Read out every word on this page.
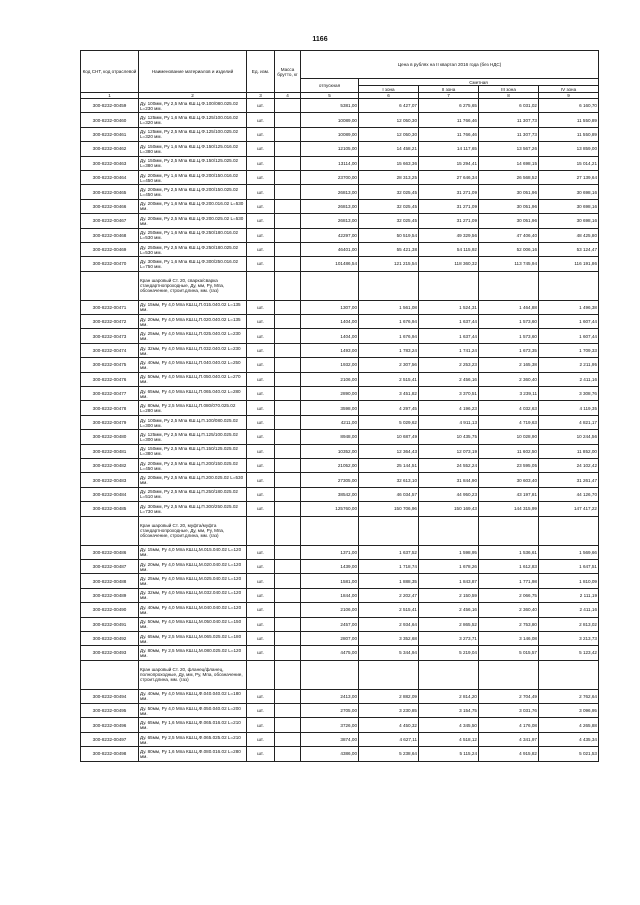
1166
Код СНТ, код отраслевой	Наименование материалов и изделий	Ед. изм.	Масса брутто, кг	Цена в рублях на II квартал 2016 года (без НДС)				
				отпускная	Сметная			
					I зона	II зона	III зона	IV зона
1	2	3	4	5	6	7	8	9
300-8232-00459	Ду. 100мм, Ру 2,5 Мпа КШ.Ц.Ф.100/080.025.02 L=230 мм.	шт.		5381,00	6 427,07	6 275,65	6 031,02	6 160,70
300-8232-00460	Ду. 125мм, Ру 1,6 Мпа КШ.Ц.Ф.125/100.016.02 L=320 мм.	шт.		10089,00	12 050,30	11 766,46	11 307,73	11 550,89
300-8232-00461	Ду. 125мм, Ру 2,5 Мпа КШ.Ц.Ф.125/100.025.02 L=320 мм.	шт.		10089,00	12 050,30	11 766,46	11 307,73	11 550,89
300-8232-00462	Ду. 150мм, Ру 1,6 Мпа КШ.Ц.Ф.150/125.016.02 L=380 мм.	шт.		12105,00	14 458,21	14 117,65	13 567,26	13 859,00
300-8232-00463	Ду. 150мм, Ру 2,5 Мпа КШ.Ц.Ф.150/125.025.02 L=380 мм.	шт.		13114,00	15 663,36	15 294,41	14 698,15	15 014,21
300-8232-00464	Ду. 200мм, Ру 1,6 Мпа КШ.Ц.Ф.200/150.016.02 L=450 мм.	шт.		23700,00	28 313,25	27 646,34	26 568,52	27 139,64
300-8232-00465	Ду. 200мм, Ру 2,5 Мпа КШ.Ц.Ф.200/150.025.02 L=450 мм.	шт.		26813,00	32 025,45	31 271,09	30 051,96	30 698,16
300-8232-00466	Ду. 200мм, Ру 1,6 Мпа КШ.Ц.Ф.200.016.02 L=530 мм.	шт.		26813,00	32 025,45	31 271,09	30 051,96	30 698,16
300-8232-00467	Ду. 200мм, Ру 2,5 Мпа КШ.Ц.Ф.200.025.02 L=530 мм.	шт.		26813,00	32 025,45	31 271,09	30 051,96	30 698,16
300-8232-00468	Ду. 250мм, Ру 1,6 Мпа КШ.Ц.Ф.250/180.016.02 L=530 мм.	шт.		42297,00	50 519,54	49 329,56	47 406,40	48 425,80
300-8232-00469	Ду. 250мм, Ру 2,5 Мпа КШ.Ц.Ф.250/180.025.02 L=530 мм.	шт.		46401,00	55 421,38	54 115,92	52 006,16	53 124,47
300-8232-00470	Ду. 300мм, Ру 1,6 Мпа КШ.Ц.Ф.300/250.016.02 L=750 мм.	шт.		101486,54	121 215,54	118 360,32	113 745,94	116 191,86
	Кран шаровый Ст. 20, сварка/сварка стандартнопроходные, Ду, мм, Ру, Мпа, обозначение, строит.длина, мм. (газ)							
300-8232-00471	Ду. 15мм, Ру 4,0 Мпа КШ.Ц.П.015.040.02 L=135 мм.	шт.		1307,00	1 561,08	1 524,31	1 464,88	1 496,38
300-8232-00472	Ду. 20мм, Ру 4,0 Мпа КШ.Ц.П.020.040.02 L=135 мм.	шт.		1404,00	1 676,94	1 637,44	1 573,60	1 607,44
300-8232-00473	Ду. 25мм, Ру 4,0 Мпа КШ.Ц.П.025.040.02 L=230 мм.	шт.		1404,00	1 676,94	1 637,44	1 573,60	1 607,44
300-8232-00474	Ду. 32мм, Ру 4,0 Мпа КШ.Ц.П.032.040.02 L=230 мм.	шт.		1493,00	1 783,24	1 741,24	1 673,35	1 709,33
300-8232-00475	Ду. 40мм, Ру 4,0 Мпа КШ.Ц.П.040.040.02 L=250 мм.	шт.		1932,00	2 307,56	2 253,23	2 165,38	2 211,95
300-8232-00476	Ду. 50мм, Ру 4,0 Мпа КШ.Ц.П.050.040.02 L=270 мм.	шт.		2106,00	2 515,41	2 456,16	2 360,40	2 411,16
300-8232-00477	Ду. 65мм, Ру 4,0 Мпа КШ.Ц.П.065.040.02 L=280 мм.	шт.		2890,00	3 451,82	3 370,51	3 239,11	3 308,76
300-8232-00478	Ду. 80мм, Ру 2,5 Мпа КШ.Ц.П.080/070.025.02 L=280 мм.	шт.		3598,00	4 297,45	4 196,23	4 032,63	4 119,35
300-8232-00479	Ду. 100мм, Ру 2,5 Мпа КШ.Ц.П.100/080.025.02 L=300 мм.	шт.		4211,00	5 029,62	4 911,13	4 719,63	4 821,17
300-8232-00480	Ду. 125мм, Ру 2,5 Мпа КШ.Ц.П.125/100.025.02 L=300 мм.	шт.		8948,00	10 687,49	10 435,75	10 028,90	10 244,56
300-8232-00481	Ду. 150мм, Ру 2,5 Мпа КШ.Ц.П.150/125.025.02 L=380 мм.	шт.		10352,00	12 364,43	12 073,19	11 602,50	11 852,00
300-8232-00482	Ду. 200мм, Ру 2,5 Мпа КШ.Ц.П.200/150.025.02 L=450 мм.	шт.		21052,00	25 144,51	24 552,24	23 595,05	24 102,42
300-8232-00483	Ду. 200мм, Ру 2,5 Мпа КШ.Ц.П.200.025.02 L=530 мм.	шт.		27305,00	32 613,10	31 844,90	30 603,40	31 261,47
300-8232-00484	Ду. 250мм, Ру 2,5 Мпа КШ.Ц.П.250/180.025.02 L=510 мм.	шт.		38542,00	46 034,57	44 950,23	43 197,81	44 126,70
300-8232-00485	Ду. 300мм, Ру 2,5 Мпа КШ.Ц.П.300/250.025.02 L=730 мм.	шт.		125760,00	150 706,96	150 169,43	144 315,99	147 417,22
	Кран шаровый Ст. 20, муфта/муфта стандартнопроходные, Ду, мм, Ру, Мпа, обозначение, строит.длина, мм. (газ)							
300-8232-00486	Ду. 15мм, Ру 4,0 Мпа КШ.Ц.М.015.040.02 L=120 мм.	шт.		1371,00	1 637,52	1 598,95	1 536,61	1 569,66
300-8232-00487	Ду. 20мм, Ру 4,0 Мпа КШ.Ц.М.020.040.02 L=120 мм.	шт.		1439,00	1 718,74	1 678,26	1 612,83	1 647,51
300-8232-00488	Ду. 25мм, Ру 4,0 Мпа КШ.Ц.М.025.040.02 L=120 мм.	шт.		1581,00	1 888,35	1 843,87	1 771,98	1 810,09
300-8232-00489	Ду. 32мм, Ру 4,0 Мпа КШ.Ц.М.032.040.02 L=120 мм.	шт.		1844,00	2 202,47	2 150,59	2 066,75	2 111,19
300-8232-00490	Ду. 40мм, Ру 4,0 Мпа КШ.Ц.М.040.040.02 L=120 мм.	шт.		2106,00	2 515,41	2 456,16	2 360,40	2 411,16
300-8232-00491	Ду. 50мм, Ру 4,0 Мпа КШ.Ц.М.050.040.02 L=150 мм.	шт.		2457,00	2 934,64	2 865,52	2 753,80	2 813,02
300-8232-00492	Ду. 65мм, Ру 2,5 Мпа КШ.Ц.М.065.025.02 L=180 мм.	шт.		2807,00	3 352,68	3 273,71	3 146,08	3 213,73
300-8232-00493	Ду. 80мм, Ру 2,5 Мпа КШ.Ц.М.080.025.02 L=120 мм.	шт.		4475,00	5 344,94	5 219,04	5 015,57	5 123,42
	Кран шаровый Ст. 20, фланец/фланец, полнопроходные, Ду, мм, Ру, Мпа, обозначение, строит.длина, мм. (газ)							
300-8232-00494	Ду. 40мм, Ру 4,0 Мпа КШ.Ц.Ф.040.040.02 L=180 мм.	шт.		2413,00	2 882,09	2 814,20	2 704,49	2 762,64
300-8232-00495	Ду. 50мм, Ру 4,0 Мпа КШ.Ц.Ф.050.040.02 L=200 мм.	шт.		2705,00	3 230,85	3 154,75	3 031,76	3 096,95
300-8232-00496	Ду. 65мм, Ру 1,6 Мпа КШ.Ц.Ф.065.016.02 L=210 мм.	шт.		3726,00	4 450,32	4 345,50	4 176,08	4 265,88
300-8232-00497	Ду. 65мм, Ру 2,5 Мпа КШ.Ц.Ф.065.025.02 L=210 мм.	шт.		3874,00	4 627,11	4 518,12	4 341,97	4 435,34
300-8232-00498	Ду. 80мм, Ру 1,6 Мпа КШ.Ц.Ф.080.016.02 L=280 мм.	шт.		4386,00	5 238,64	5 115,24	4 915,82	5 021,53
